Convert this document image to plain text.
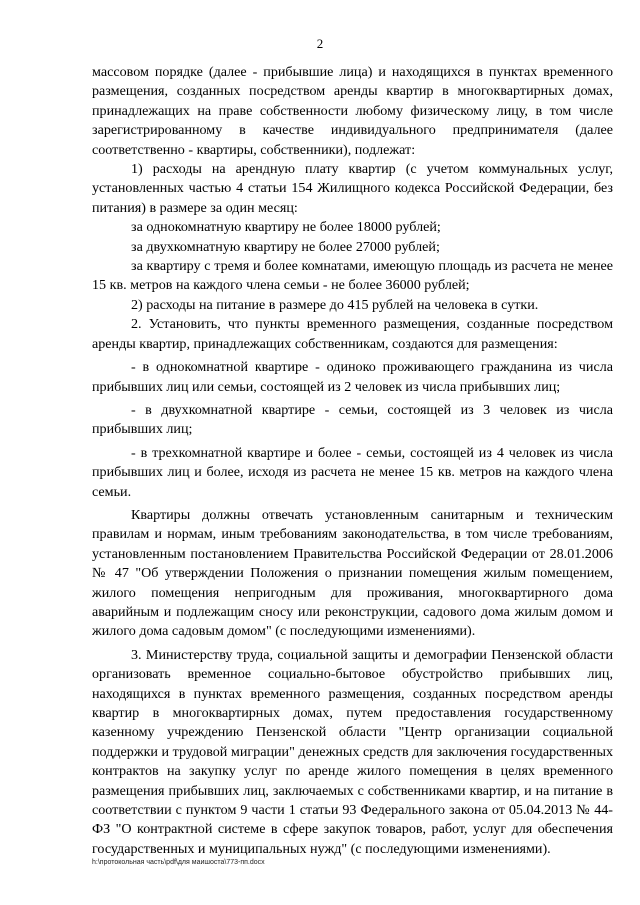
2

массовом порядке (далее - прибывшие лица) и находящихся в пунктах временного размещения, созданных посредством аренды квартир в многоквартирных домах, принадлежащих на праве собственности любому физическому лицу, в том числе зарегистрированному в качестве индивидуального предпринимателя (далее соответственно - квартиры, собственники), подлежат:

1) расходы на арендную плату квартир (с учетом коммунальных услуг, установленных частью 4 статьи 154 Жилищного кодекса Российской Федерации, без питания) в размере за один месяц:

за однокомнатную квартиру не более 18000 рублей;

за двухкомнатную квартиру не более 27000 рублей;

за квартиру с тремя и более комнатами, имеющую площадь из расчета не менее 15 кв. метров на каждого члена семьи - не более 36000 рублей;

2) расходы на питание в размере до 415 рублей на человека в сутки.

2. Установить, что пункты временного размещения, созданные посредством аренды квартир, принадлежащих собственникам, создаются для размещения:

- в однокомнатной квартире - одиноко проживающего гражданина из числа прибывших лиц или семьи, состоящей из 2 человек из числа прибывших лиц;

- в двухкомнатной квартире - семьи, состоящей из 3 человек из числа прибывших лиц;

- в трехкомнатной квартире и более - семьи, состоящей из 4 человек из числа прибывших лиц и более, исходя из расчета не менее 15 кв. метров на каждого члена семьи.

Квартиры должны отвечать установленным санитарным и техническим правилам и нормам, иным требованиям законодательства, в том числе требованиям, установленным постановлением Правительства Российской Федерации от 28.01.2006 № 47 "Об утверждении Положения о признании помещения жилым помещением, жилого помещения непригодным для проживания, многоквартирного дома аварийным и подлежащим сносу или реконструкции, садового дома жилым домом и жилого дома садовым домом" (с последующими изменениями).

3. Министерству труда, социальной защиты и демографии Пензенской области организовать временное социально-бытовое обустройство прибывших лиц, находящихся в пунктах временного размещения, созданных посредством аренды квартир в многоквартирных домах, путем предоставления государственному казенному учреждению Пензенской области "Центр организации социальной поддержки и трудовой миграции" денежных средств для заключения государственных контрактов на закупку услуг по аренде жилого помещения в целях временного размещения прибывших лиц, заключаемых с собственниками квартир, и на питание в соответствии с пунктом 9 части 1 статьи 93 Федерального закона от 05.04.2013 № 44-ФЗ "О контрактной системе в сфере закупок товаров, работ, услуг для обеспечения государственных и муниципальных нужд" (с последующими изменениями).

h:\протокольная часть\pdf\для маишоста\773-пп.docx
